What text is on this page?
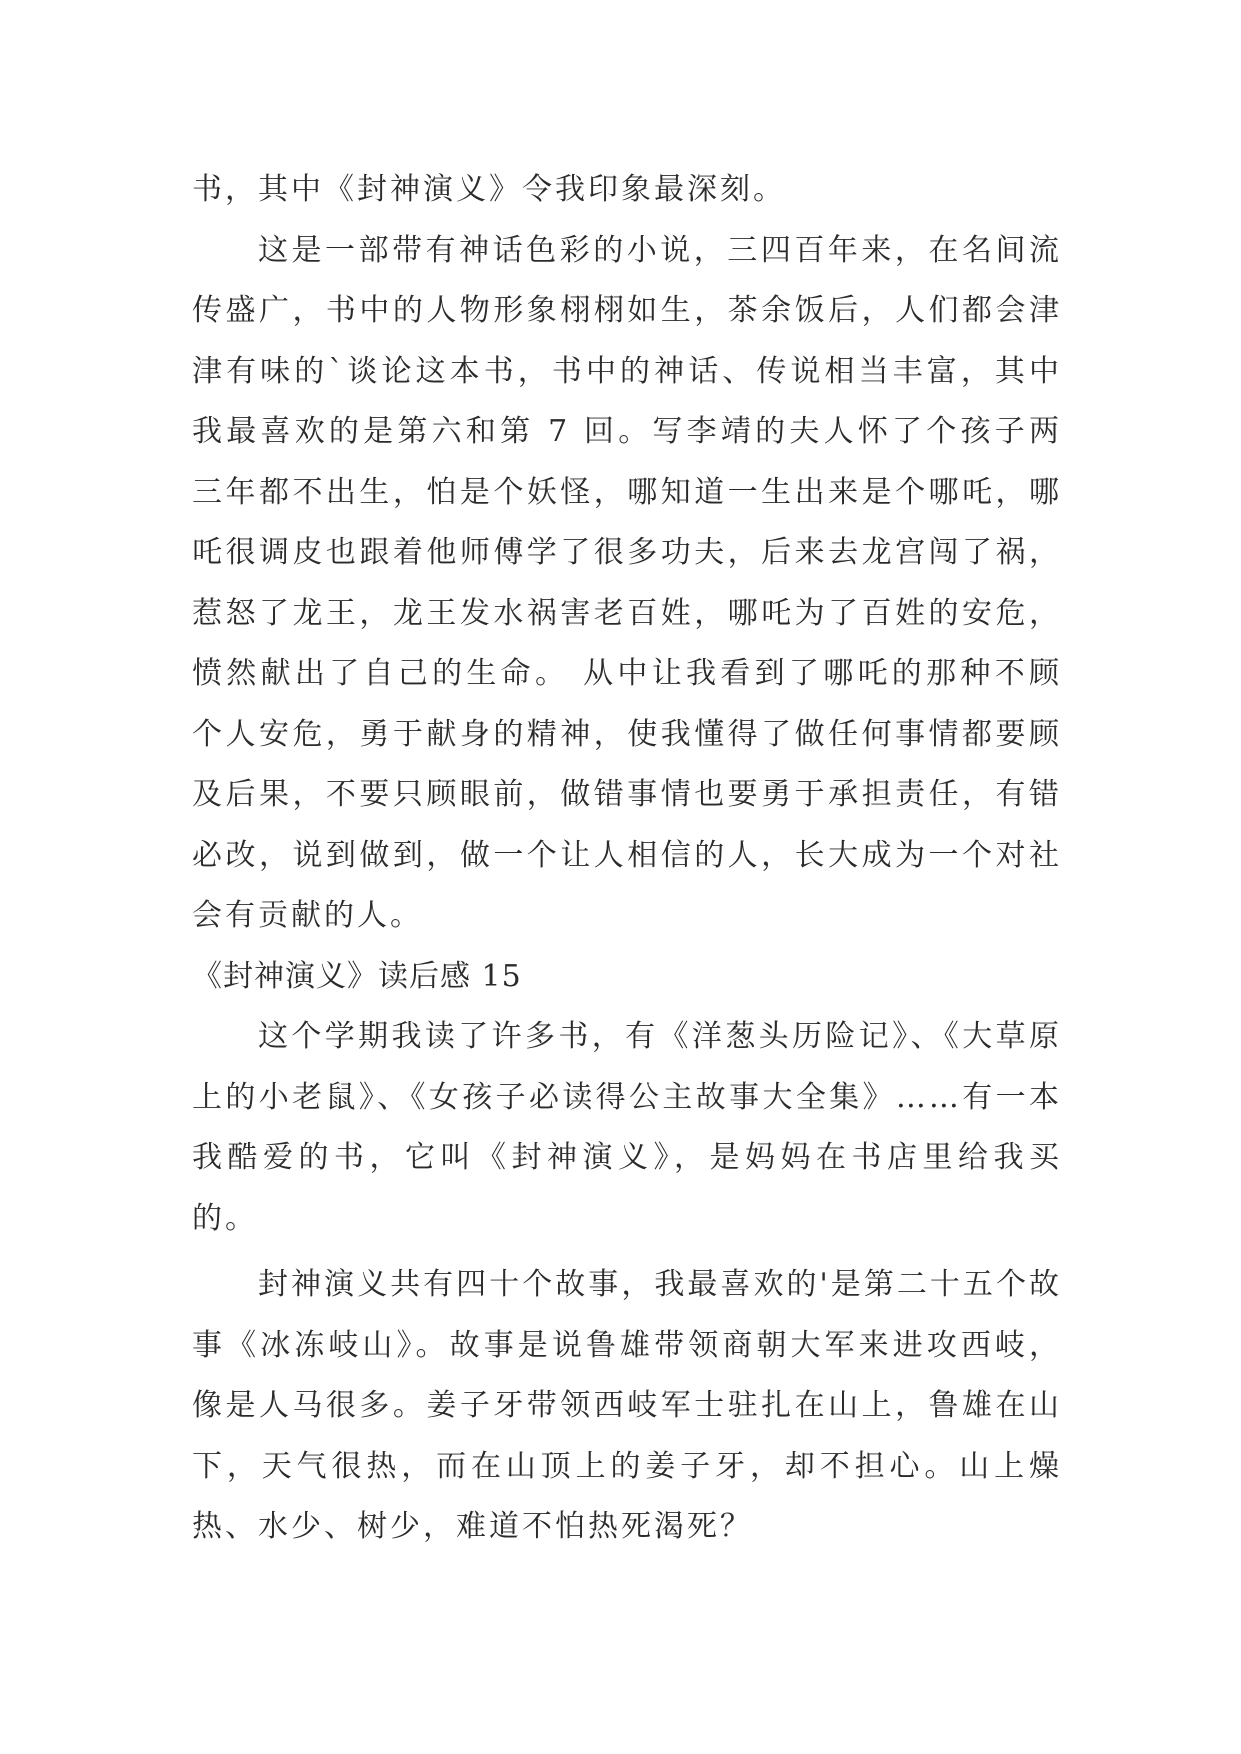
书，其中《封神演义》令我印象最深刻。

这是一部带有神话色彩的小说，三四百年来，在名间流传盛广，书中的人物形象栩栩如生，茶余饭后，人们都会津津有味的`谈论这本书，书中的神话、传说相当丰富，其中我最喜欢的是第六和第 7 回。写李靖的夫人怀了个孩子两三年都不出生，怕是个妖怪，哪知道一生出来是个哪吒，哪吒很调皮也跟着他师傅学了很多功夫，后来去龙宫闯了祸，惹怒了龙王，龙王发水祸害老百姓，哪吒为了百姓的安危，愤然献出了自己的生命。 从中让我看到了哪吒的那种不顾个人安危，勇于献身的精神，使我懂得了做任何事情都要顾及后果，不要只顾眼前，做错事情也要勇于承担责任，有错必改，说到做到，做一个让人相信的人，长大成为一个对社会有贡献的人。

《封神演义》读后感 15

这个学期我读了许多书，有《洋葱头历险记》、《大草原上的小老鼠》、《女孩子必读得公主故事大全集》……有一本我酷爱的书，它叫《封神演义》，是妈妈在书店里给我买的。

封神演义共有四十个故事，我最喜欢的'是第二十五个故事《冰冻岐山》。故事是说鲁雄带领商朝大军来进攻西岐，像是人马很多。姜子牙带领西岐军士驻扎在山上，鲁雄在山下，天气很热，而在山顶上的姜子牙，却不担心。山上燥热、水少、树少，难道不怕热死渴死？
